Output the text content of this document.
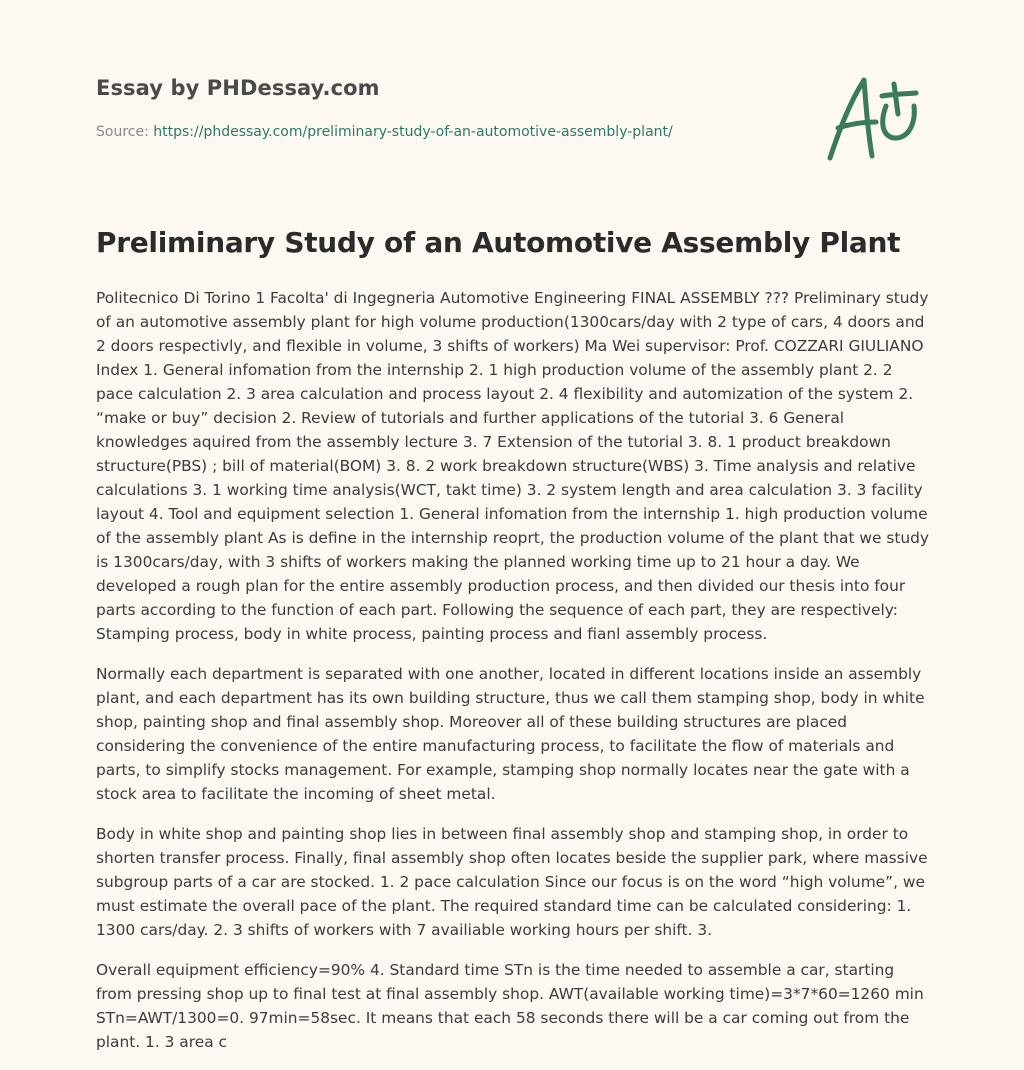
Essay by PHDessay.com
Source: https://phdessay.com/preliminary-study-of-an-automotive-assembly-plant/
Preliminary Study of an Automotive Assembly Plant

Politecnico Di Torino 1 Facolta' di Ingegneria Automotive Engineering FINAL ASSEMBLY ??? Preliminary study of an automotive assembly plant for high volume production(1300cars/day with 2 type of cars, 4 doors and 2 doors respectivly, and flexible in volume, 3 shifts of workers) Ma Wei supervisor: Prof. COZZARI GIULIANO Index 1. General infomation from the internship 2. 1 high production volume of the assembly plant 2. 2 pace calculation 2. 3 area calculation and process layout 2. 4 flexibility and automization of the system 2. “make or buy” decision 2. Review of tutorials and further applications of the tutorial 3. 6 General knowledges aquired from the assembly lecture 3. 7 Extension of the tutorial 3. 8. 1 product breakdown structure(PBS) ; bill of material(BOM) 3. 8. 2 work breakdown structure(WBS) 3. Time analysis and relative calculations 3. 1 working time analysis(WCT, takt time) 3. 2 system length and area calculation 3. 3 facility layout 4. Tool and equipment selection 1. General infomation from the internship 1. high production volume of the assembly plant As is define in the internship reoprt, the production volume of the plant that we study is 1300cars/day, with 3 shifts of workers making the planned working time up to 21 hour a day. We developed a rough plan for the entire assembly production process, and then divided our thesis into four parts according to the function of each part. Following the sequence of each part, they are respectively: Stamping process, body in white process, painting process and fianl assembly process.

Normally each department is separated with one another, located in different locations inside an assembly plant, and each department has its own building structure, thus we call them stamping shop, body in white shop, painting shop and final assembly shop. Moreover all of these building structures are placed considering the convenience of the entire manufacturing process, to facilitate the flow of materials and parts, to simplify stocks management. For example, stamping shop normally locates near the gate with a stock area to facilitate the incoming of sheet metal.

Body in white shop and painting shop lies in between final assembly shop and stamping shop, in order to shorten transfer process. Finally, final assembly shop often locates beside the supplier park, where massive subgroup parts of a car are stocked. 1. 2 pace calculation Since our focus is on the word “high volume”, we must estimate the overall pace of the plant. The required standard time can be calculated considering: 1. 1300 cars/day. 2. 3 shifts of workers with 7 availiable working hours per shift. 3.

Overall equipment efficiency=90% 4. Standard time STn is the time needed to assemble a car, starting from pressing shop up to final test at final assembly shop. AWT(available working time)=3*7*60=1260 min STn=AWT/1300=0. 97min=58sec. It means that each 58 seconds there will be a car coming out from the plant. 1. 3 area c
